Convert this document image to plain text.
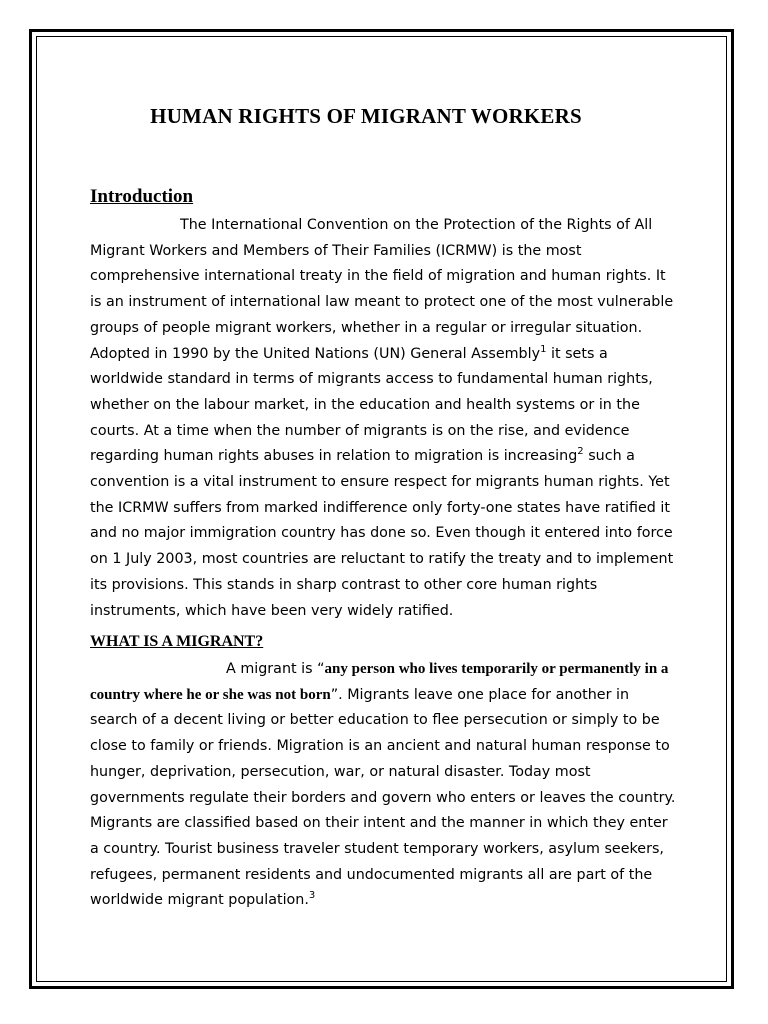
HUMAN RIGHTS OF MIGRANT WORKERS
Introduction

The International Convention on the Protection of the Rights of All Migrant Workers and Members of Their Families (ICRMW) is the most comprehensive international treaty in the field of migration and human rights. It is an instrument of international law meant to protect one of the most vulnerable groups of people migrant workers, whether in a regular or irregular situation. Adopted in 1990 by the United Nations (UN) General Assembly$^1$ it sets a worldwide standard in terms of migrants access to fundamental human rights, whether on the labour market, in the education and health systems or in the courts. At a time when the number of migrants is on the rise, and evidence regarding human rights abuses in relation to migration is increasing$^2$ such a convention is a vital instrument to ensure respect for migrants human rights. Yet the ICRMW suffers from marked indifference only forty-one states have ratified it and no major immigration country has done so. Even though it entered into force on 1 July 2003, most countries are reluctant to ratify the treaty and to implement its provisions. This stands in sharp contrast to other core human rights instruments, which have been very widely ratified.

WHAT IS A MIGRANT?

A migrant is “any person who lives temporarily or permanently in a country where he or she was not born”. Migrants leave one place for another in search of a decent living or better education to flee persecution or simply to be close to family or friends. Migration is an ancient and natural human response to hunger, deprivation, persecution, war, or natural disaster. Today most governments regulate their borders and govern who enters or leaves the country. Migrants are classified based on their intent and the manner in which they enter a country. Tourist business traveler student temporary workers, asylum seekers, refugees, permanent residents and undocumented migrants all are part of the worldwide migrant population.$^3$
